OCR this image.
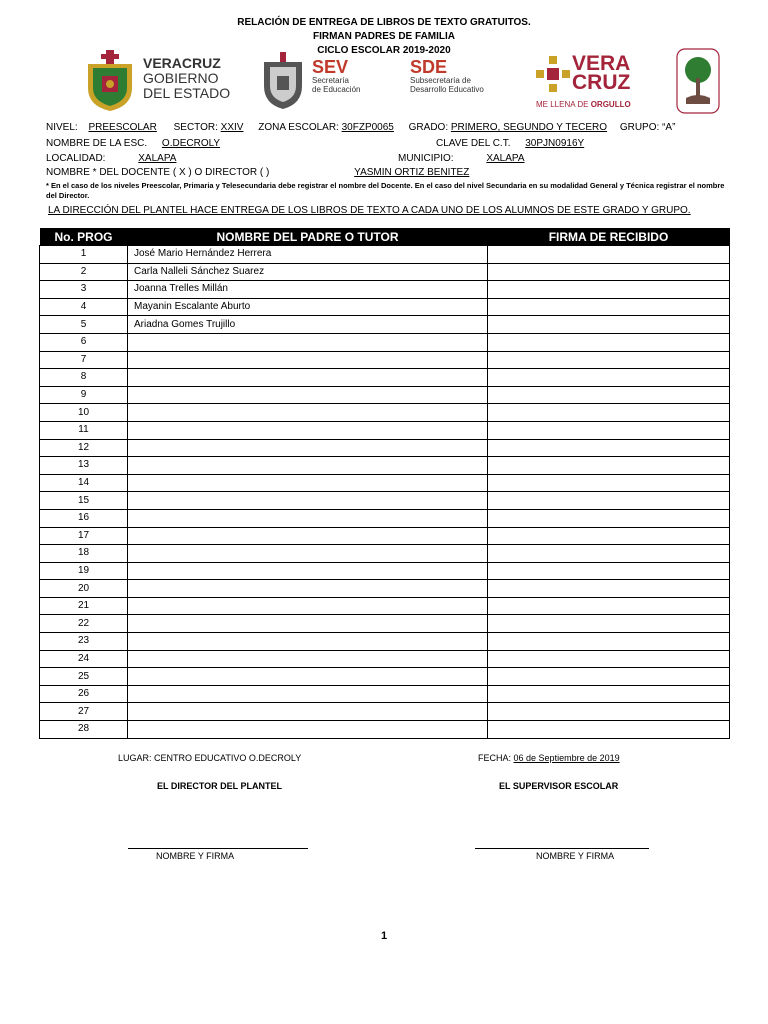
RELACIÓN DE ENTREGA DE LIBROS DE TEXTO GRATUITOS.
FIRMAN PADRES DE FAMILIA
CICLO ESCOLAR 2019-2020
VERACRUZ
GOBIERNO
DEL ESTADO
SEV
Secretaría
de Educación
SDE
Subsecretaría de
Desarrollo Educativo
VERA
CRUZ
ME LLENA DE ORGULLO
NIVEL: PREESCOLAR SECTOR: XXIV ZONA ESCOLAR: 30FZP0065 GRADO: PRIMERO, SEGUNDO Y TECERO GRUPO: “A”
NOMBRE DE LA ESC. O.DECROLY	CLAVE DEL C.T. 30PJN0916Y
LOCALIDAD:	XALAPA	MUNICIPIO:	XALAPA
NOMBRE * DEL DOCENTE ( X ) O DIRECTOR ( )	YASMIN ORTIZ BENITEZ
* En el caso de los niveles Preescolar, Primaria y Telesecundaria debe registrar el nombre del Docente. En el caso del nivel Secundaria en su modalidad General y Técnica registrar el nombre del Director.
LA DIRECCIÓN DEL PLANTEL HACE ENTREGA DE LOS LIBROS DE TEXTO A CADA UNO DE LOS ALUMNOS DE ESTE GRADO Y GRUPO.
No. PROG	NOMBRE DEL PADRE O TUTOR	FIRMA DE RECIBIDO
1	José Mario Hernández Herrera	
2	Carla Nalleli Sánchez Suarez	
3	Joanna Trelles Millán	
4	Mayanin Escalante Aburto	
5	Ariadna Gomes Trujillo	
6		
7		
8		
9		
10		
11		
12		
13		
14		
15		
16		
17		
18		
19		
20		
21		
22		
23		
24		
25		
26		
27		
28		
LUGAR: CENTRO EDUCATIVO O.DECROLY	FECHA: 06 de Septiembre de 2019
EL DIRECTOR DEL PLANTEL	EL SUPERVISOR ESCOLAR
NOMBRE Y FIRMA	NOMBRE Y FIRMA
1
